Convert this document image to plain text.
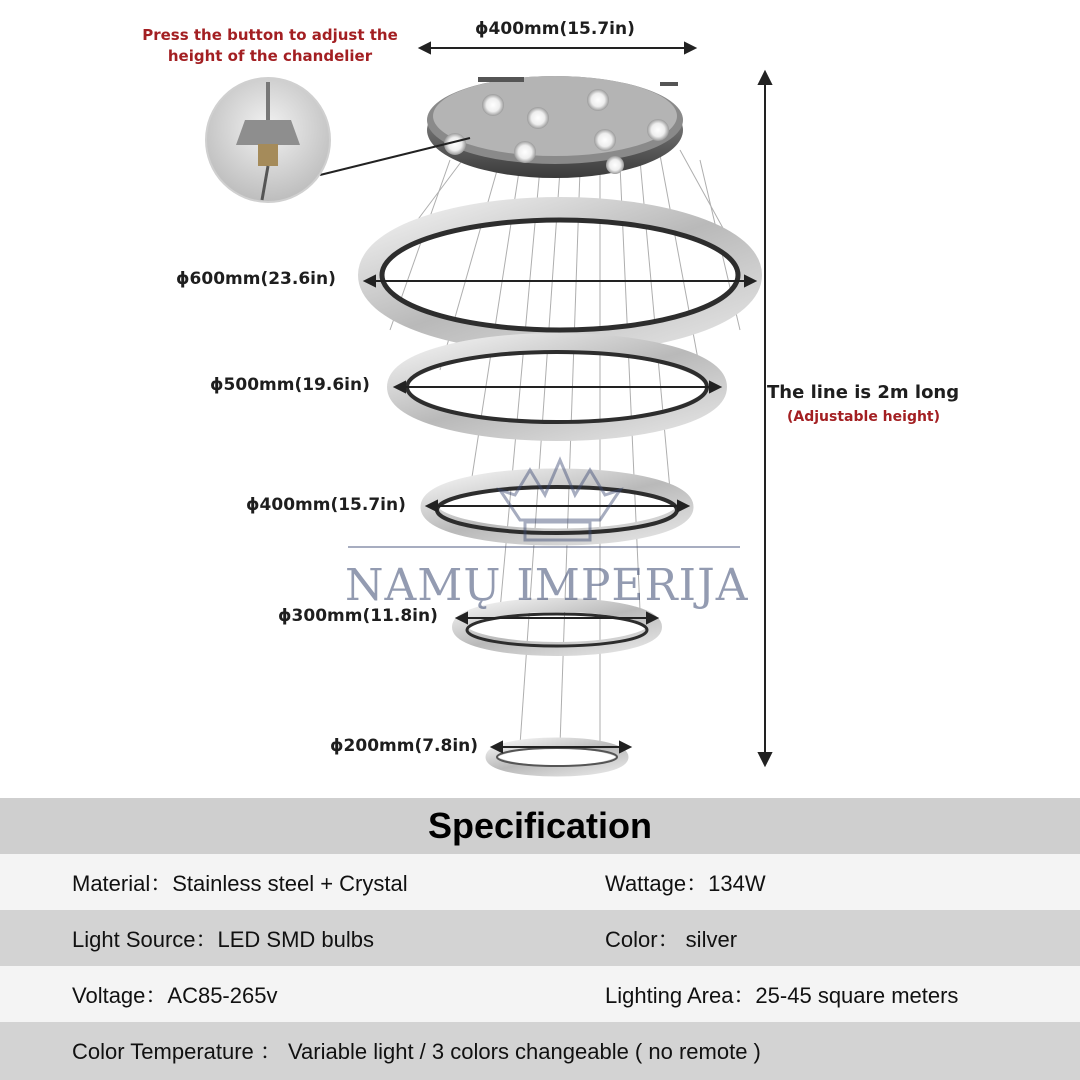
Press the button to adjust the
height of the chandelier
ϕ400mm(15.7in)
ϕ600mm(23.6in)
ϕ500mm(19.6in)
ϕ400mm(15.7in)
ϕ300mm(11.8in)
ϕ200mm(7.8in)
The line is 2m long
(Adjustable height)
NAMŲ IMPERIJA
Specification
Material：Stainless steel + Crystal	Wattage：134W
Light Source：LED SMD bulbs	Color： silver
Voltage：AC85-265v	Lighting Area：25-45 square meters
Color Temperature ： Variable light / 3 colors changeable ( no remote )
